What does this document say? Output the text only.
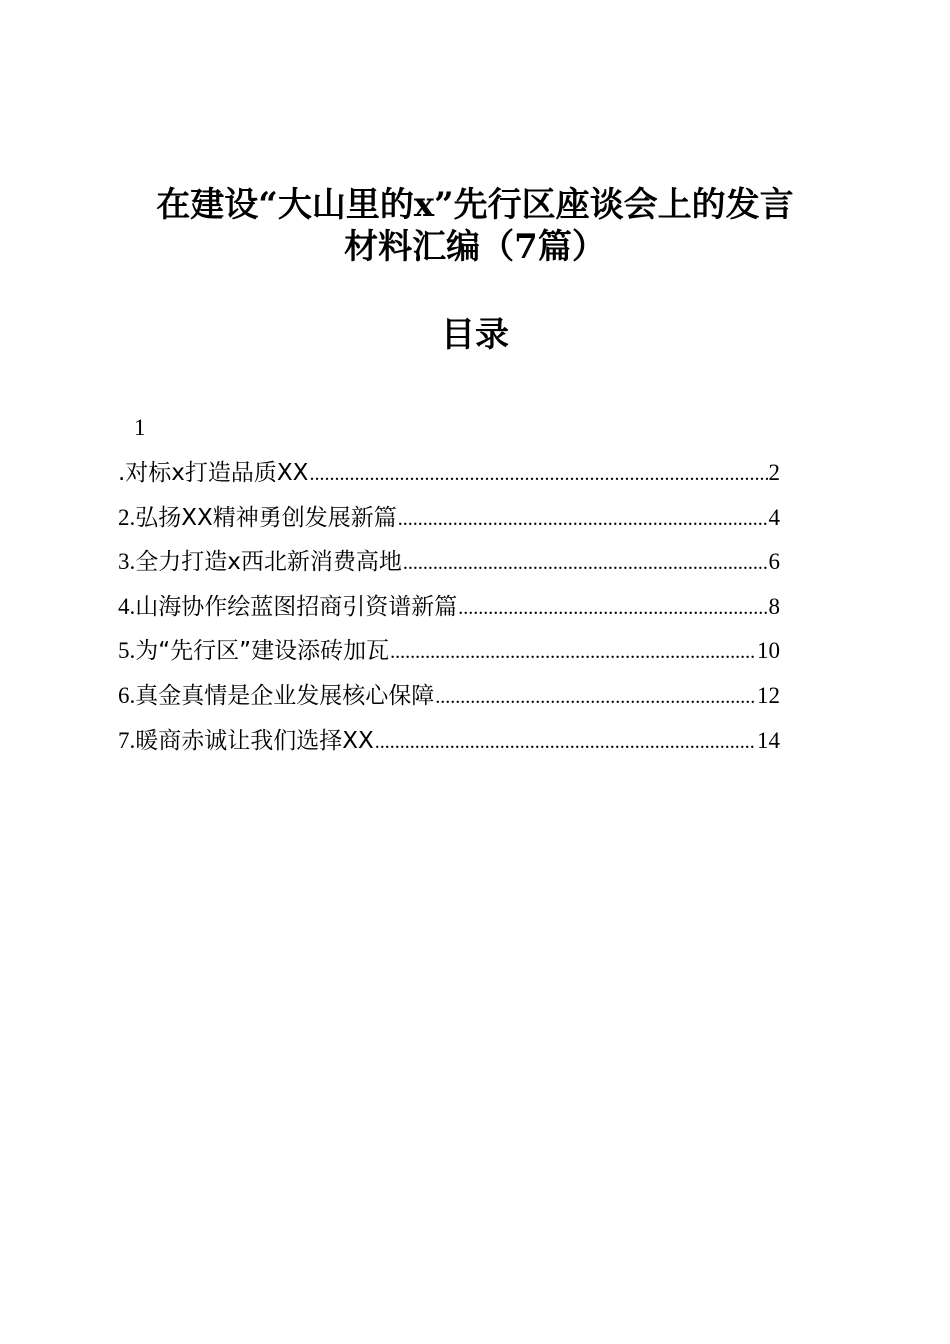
在建设“大山里的x”先行区座谈会上的发言
材料汇编（7篇）
目录
1
.对标x打造品质XX .....	2
2. 弘扬XX精神勇创发展新篇 .....	4
3. 全力打造x西北新消费高地 .....	6
4. 山海协作绘蓝图招商引资谱新篇 .....	8
5. 为“先行区”建设添砖加瓦 .....	10
6. 真金真情是企业发展核心保障 .....	12
7. 暖商赤诚让我们选择XX .....	14
